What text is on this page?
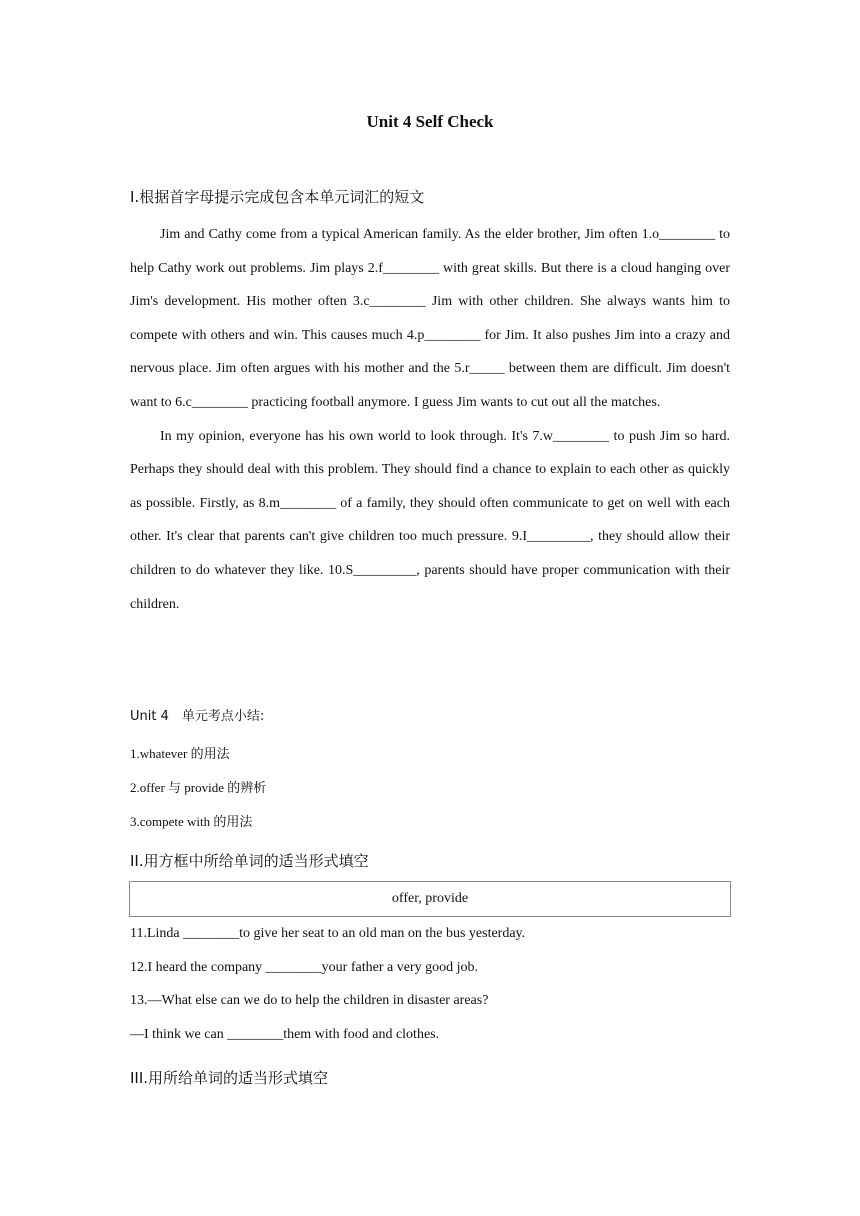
Unit 4 Self Check
I.根据首字母提示完成包含本单元词汇的短文

Jim and Cathy come from a typical American family. As the elder brother, Jim often 1.o________ to help Cathy work out problems. Jim plays 2.f________ with great skills. But there is a cloud hanging over Jim's development. His mother often 3.c________ Jim with other children. She always wants him to compete with others and win. This causes much 4.p________ for Jim. It also pushes Jim into a crazy and nervous place. Jim often argues with his mother and the 5.r_____ between them are difficult. Jim doesn't want to 6.c________ practicing football anymore. I guess Jim wants to cut out all the matches.

In my opinion, everyone has his own world to look through. It's 7.w________ to push Jim so hard. Perhaps they should deal with this problem. They should find a chance to explain to each other as quickly as possible. Firstly, as 8.m________ of a family, they should often communicate to get on well with each other. It's clear that parents can't give children too much pressure. 9.I_________, they should allow their children to do whatever they like. 10.S_________, parents should have proper communication with their children.

Unit 4　单元考点小结:
1.whatever 的用法
2.offer 与 provide 的辨析
3.compete with 的用法
II.用方框中所给单词的适当形式填空
offer, provide
11.Linda ________to give her seat to an old man on the bus yesterday.
12.I heard the company ________your father a very good job.
13.—What else can we do to help the children in disaster areas?
—I think we can ________them with food and clothes.
III.用所给单词的适当形式填空
